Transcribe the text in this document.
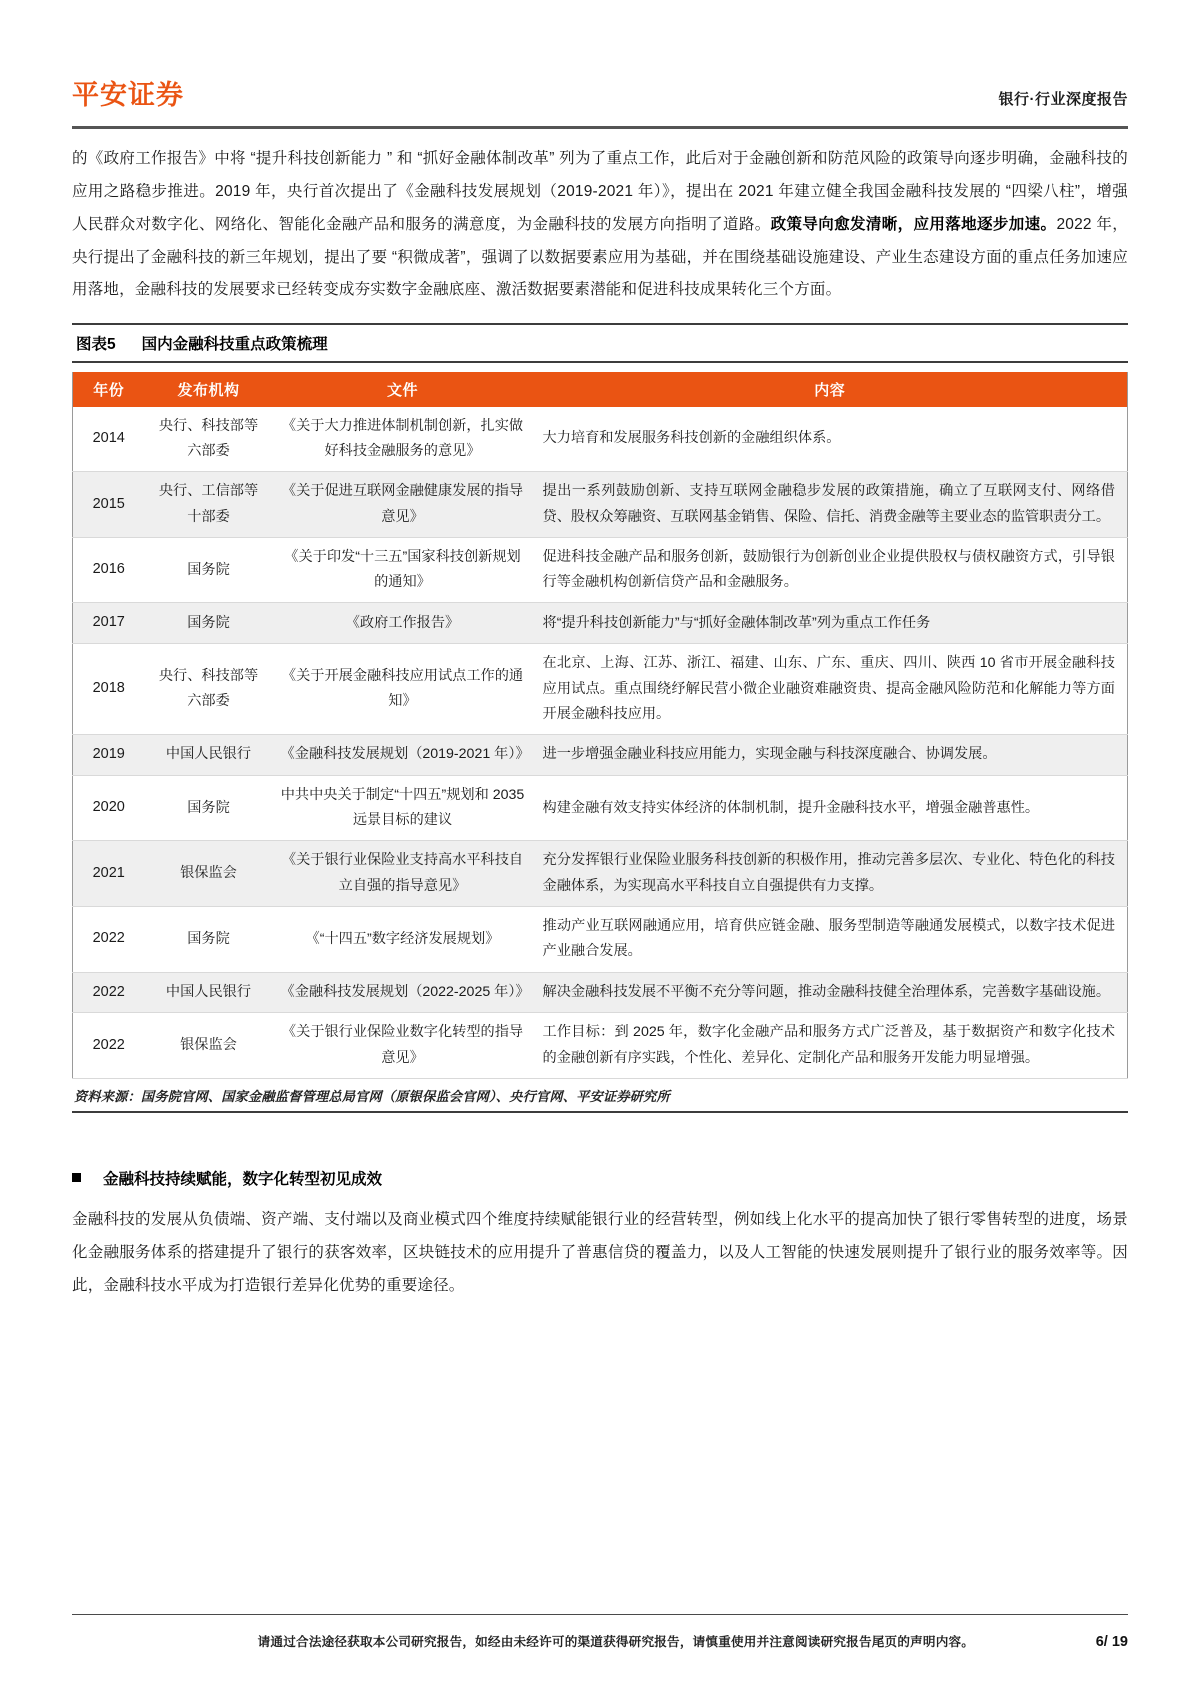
平安证券	银行·行业深度报告

的《政府工作报告》中将 “提升科技创新能力 ” 和 “抓好金融体制改革” 列为了重点工作，此后对于金融创新和防范风险的政策导向逐步明确，金融科技的应用之路稳步推进。2019 年，央行首次提出了《金融科技发展规划（2019-2021 年）》，提出在 2021 年建立健全我国金融科技发展的 “四梁八柱”，增强人民群众对数字化、网络化、智能化金融产品和服务的满意度，为金融科技的发展方向指明了道路。政策导向愈发清晰，应用落地逐步加速。2022 年，央行提出了金融科技的新三年规划，提出了要 “积微成著”，强调了以数据要素应用为基础，并在围绕基础设施建设、产业生态建设方面的重点任务加速应用落地，金融科技的发展要求已经转变成夯实数字金融底座、激活数据要素潜能和促进科技成果转化三个方面。

图表5 国内金融科技重点政策梳理
年份	发布机构	文件	内容
2014	央行、科技部等六部委	《关于大力推进体制机制创新，扎实做好科技金融服务的意见》	大力培育和发展服务科技创新的金融组织体系。
2015	央行、工信部等十部委	《关于促进互联网金融健康发展的指导意见》	提出一系列鼓励创新、支持互联网金融稳步发展的政策措施，确立了互联网支付、网络借贷、股权众筹融资、互联网基金销售、保险、信托、消费金融等主要业态的监管职责分工。
2016	国务院	《关于印发“十三五”国家科技创新规划的通知》	促进科技金融产品和服务创新，鼓励银行为创新创业企业提供股权与债权融资方式，引导银行等金融机构创新信贷产品和金融服务。
2017	国务院	《政府工作报告》	将“提升科技创新能力”与“抓好金融体制改革”列为重点工作任务
2018	央行、科技部等六部委	《关于开展金融科技应用试点工作的通知》	在北京、上海、江苏、浙江、福建、山东、广东、重庆、四川、陕西 10 省市开展金融科技应用试点。重点围绕纾解民营小微企业融资难融资贵、提高金融风险防范和化解能力等方面开展金融科技应用。
2019	中国人民银行	《金融科技发展规划（2019-2021 年）》	进一步增强金融业科技应用能力，实现金融与科技深度融合、协调发展。
2020	国务院	中共中央关于制定“十四五”规划和 2035 远景目标的建议	构建金融有效支持实体经济的体制机制，提升金融科技水平，增强金融普惠性。
2021	银保监会	《关于银行业保险业支持高水平科技自立自强的指导意见》	充分发挥银行业保险业服务科技创新的积极作用，推动完善多层次、专业化、特色化的科技金融体系，为实现高水平科技自立自强提供有力支撑。
2022	国务院	《“十四五”数字经济发展规划》	推动产业互联网融通应用，培育供应链金融、服务型制造等融通发展模式，以数字技术促进产业融合发展。
2022	中国人民银行	《金融科技发展规划（2022-2025 年）》	解决金融科技发展不平衡不充分等问题，推动金融科技健全治理体系，完善数字基础设施。
2022	银保监会	《关于银行业保险业数字化转型的指导意见》	工作目标：到 2025 年，数字化金融产品和服务方式广泛普及，基于数据资产和数字化技术的金融创新有序实践，个性化、差异化、定制化产品和服务开发能力明显增强。
资料来源：国务院官网、国家金融监督管理总局官网（原银保监会官网）、央行官网、平安证券研究所
金融科技持续赋能，数字化转型初见成效

金融科技的发展从负债端、资产端、支付端以及商业模式四个维度持续赋能银行业的经营转型，例如线上化水平的提高加快了银行零售转型的进度，场景化金融服务体系的搭建提升了银行的获客效率，区块链技术的应用提升了普惠信贷的覆盖力，以及人工智能的快速发展则提升了银行业的服务效率等。因此，金融科技水平成为打造银行差异化优势的重要途径。

请通过合法途径获取本公司研究报告，如经由未经许可的渠道获得研究报告，请慎重使用并注意阅读研究报告尾页的声明内容。	6/ 19
